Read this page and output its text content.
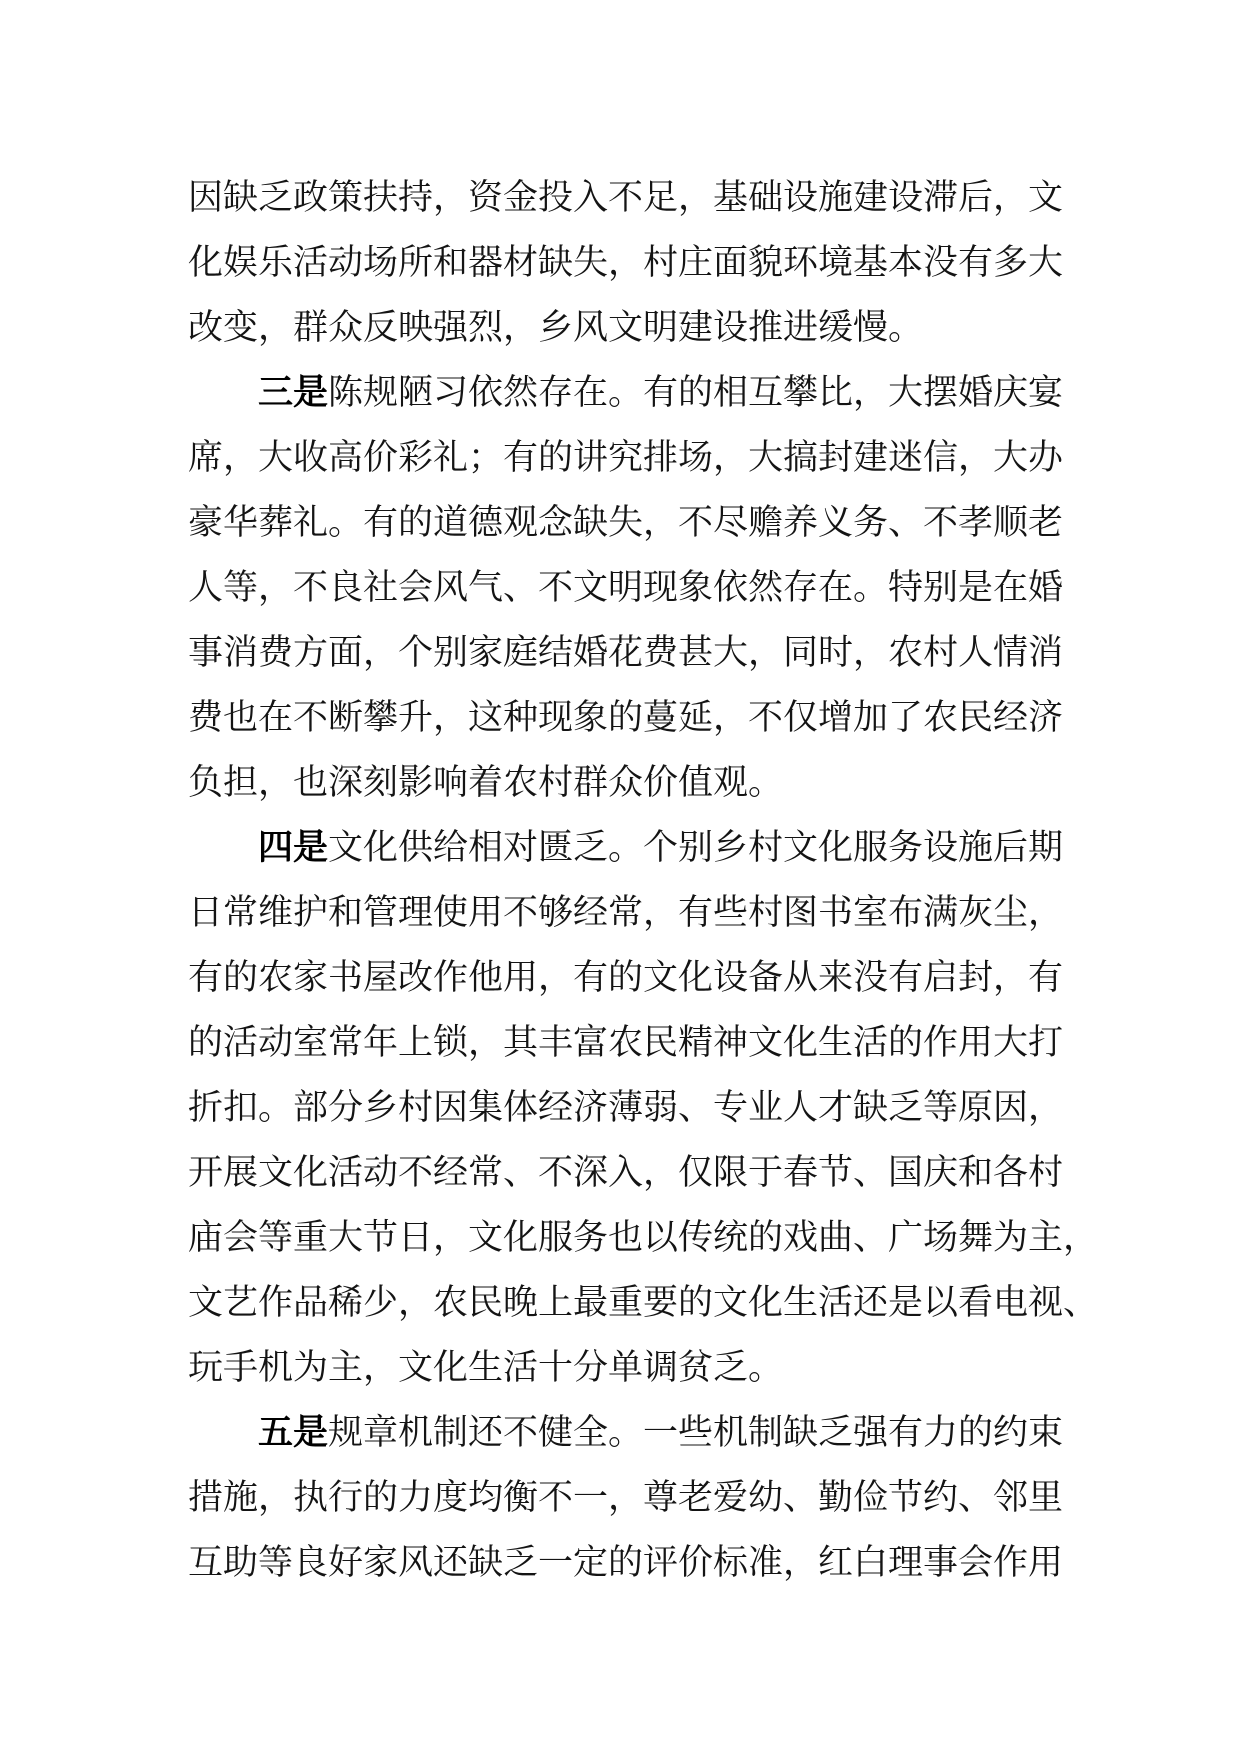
因缺乏政策扶持，资金投入不足，基础设施建设滞后，文
化娱乐活动场所和器材缺失，村庄面貌环境基本没有多大
改变，群众反映强烈，乡风文明建设推进缓慢。
三是陈规陋习依然存在。有的相互攀比，大摆婚庆宴
席，大收高价彩礼；有的讲究排场，大搞封建迷信，大办
豪华葬礼。有的道德观念缺失，不尽赡养义务、不孝顺老
人等，不良社会风气、不文明现象依然存在。特别是在婚
事消费方面，个别家庭结婚花费甚大，同时，农村人情消
费也在不断攀升，这种现象的蔓延，不仅增加了农民经济
负担，也深刻影响着农村群众价值观。
四是文化供给相对匮乏。个别乡村文化服务设施后期
日常维护和管理使用不够经常，有些村图书室布满灰尘，
有的农家书屋改作他用，有的文化设备从来没有启封，有
的活动室常年上锁，其丰富农民精神文化生活的作用大打
折扣。部分乡村因集体经济薄弱、专业人才缺乏等原因，
开展文化活动不经常、不深入，仅限于春节、国庆和各村
庙会等重大节日，文化服务也以传统的戏曲、广场舞为主，
文艺作品稀少，农民晚上最重要的文化生活还是以看电视、
玩手机为主，文化生活十分单调贫乏。
五是规章机制还不健全。一些机制缺乏强有力的约束
措施，执行的力度均衡不一，尊老爱幼、勤俭节约、邻里
互助等良好家风还缺乏一定的评价标准，红白理事会作用
